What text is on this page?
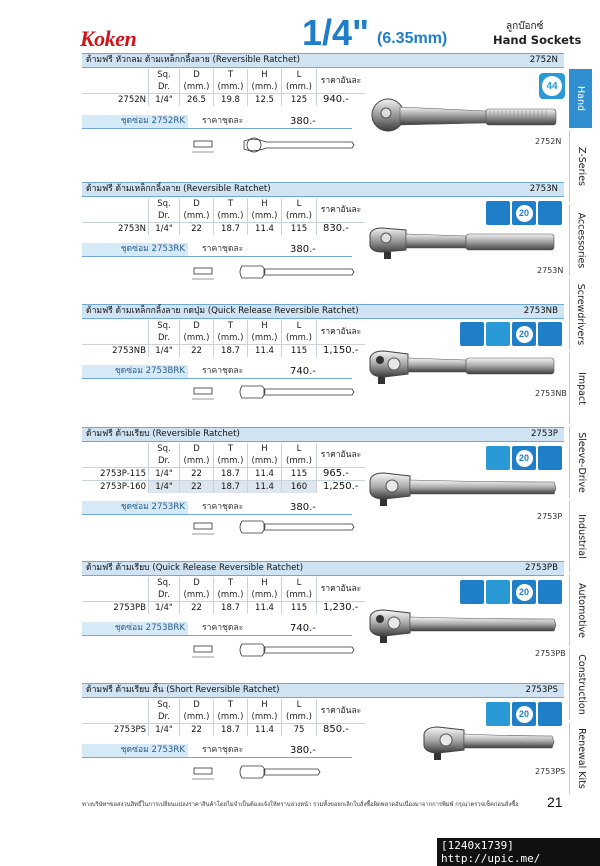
Koken	1/4" (6.35mm)
ลูกบ๊อกซ์
Hand Sockets
Hand
Z-Series
Accessories
Screwdrivers
Impact
Sleeve-Drive
Industrial
Automotive
Construction
Renewal Kits
ด้ามฟรี หัวกลม ด้ามเหล็กกลิ้งลาย (Reversible Ratchet)	2752N
	Sq.	D	T	H	L	ราคาอันละ
	Dr.	(mm.)	(mm.)	(mm.)	(mm.)	
2752N	1/4"	26.5	19.8	12.5	125	940.-
ชุดซ่อม 2752RK	ราคาชุดละ	380.-
44
2752N
ด้ามฟรี ด้ามเหล็กกลิ้งลาย (Reversible Ratchet)	2753N
	Sq.	D	T	H	L	ราคาอันละ
	Dr.	(mm.)	(mm.)	(mm.)	(mm.)	
2753N	1/4"	22	18.7	11.4	115	830.-
ชุดซ่อม 2753RK	ราคาชุดละ	380.-
20
2753N
ด้ามฟรี ด้ามเหล็กกลิ้งลาย กดปุ่ม (Quick Release Reversible Ratchet)	2753NB
	Sq.	D	T	H	L	ราคาอันละ
	Dr.	(mm.)	(mm.)	(mm.)	(mm.)	
2753NB	1/4"	22	18.7	11.4	115	1,150.-
ชุดซ่อม 2753BRK	ราคาชุดละ	740.-
20
2753NB
ด้ามฟรี ด้ามเรียบ (Reversible Ratchet)	2753P
	Sq.	D	T	H	L	ราคาอันละ
	Dr.	(mm.)	(mm.)	(mm.)	(mm.)	
2753P-115	1/4"	22	18.7	11.4	115	965.-
2753P-160	1/4"	22	18.7	11.4	160	1,250.-
ชุดซ่อม 2753RK	ราคาชุดละ	380.-
20
2753P
ด้ามฟรี ด้ามเรียบ (Quick Release Reversible Ratchet)	2753PB
	Sq.	D	T	H	L	ราคาอันละ
	Dr.	(mm.)	(mm.)	(mm.)	(mm.)	
2753PB	1/4"	22	18.7	11.4	115	1,230.-
ชุดซ่อม 2753BRK	ราคาชุดละ	740.-
20
2753PB
ด้ามฟรี ด้ามเรียบ สั้น (Short Reversible Ratchet)	2753PS
	Sq.	D	T	H	L	ราคาอันละ
	Dr.	(mm.)	(mm.)	(mm.)	(mm.)	
2753PS	1/4"	22	18.7	11.4	75	850.-
ชุดซ่อม 2753RK	ราคาชุดละ	380.-
20
2753PS
ทางบริษัทฯขอสงวนสิทธิ์ในการเปลี่ยนแปลงราคาสินค้าโดยไม่จำเป็นต้องแจ้งให้ทราบล่วงหน้า รวมทั้งขอยกเลิกใบสั่งซื้อผิดพลาดอันเนื่องมาจากการพิมพ์ กรุณาตรวจเช็คก่อนสั่งซื้อ	21
[1240x1739] http://upic.me/
